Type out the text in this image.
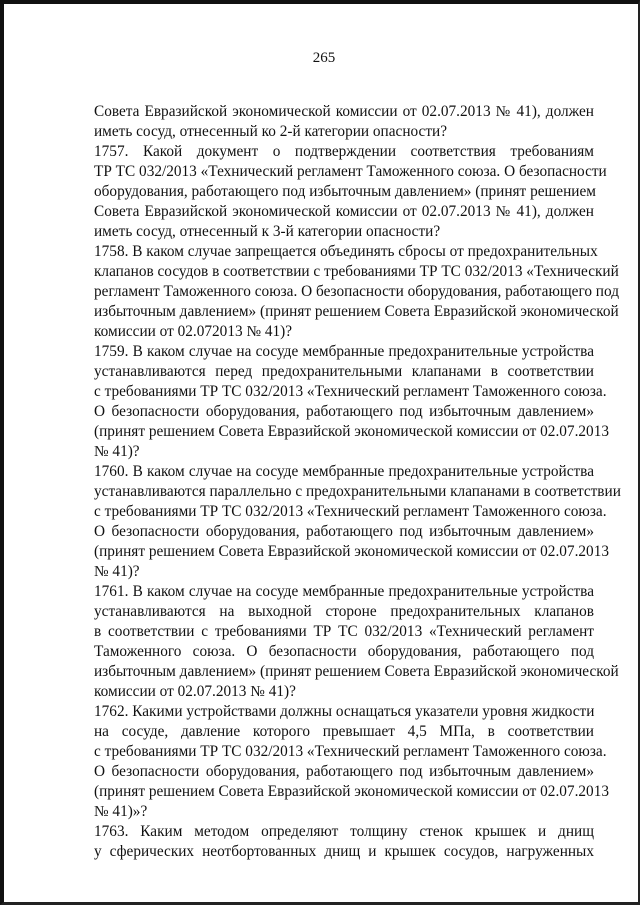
265
Совета Евразийской экономической комиссии от 02.07.2013 № 41), должен
иметь сосуд, отнесенный ко 2-й категории опасности?
1757. Какой документ о подтверждении соответствия требованиям
ТР ТС 032/2013 «Технический регламент Таможенного союза. О безопасности
оборудования, работающего под избыточным давлением» (принят решением
Совета Евразийской экономической комиссии от 02.07.2013 № 41), должен
иметь сосуд, отнесенный к 3-й категории опасности?
1758. В каком случае запрещается объединять сбросы от предохранительных
клапанов сосудов в соответствии с требованиями ТР ТС 032/2013 «Технический
регламент Таможенного союза. О безопасности оборудования, работающего под
избыточным давлением» (принят решением Совета Евразийской экономической
комиссии от 02.072013 № 41)?
1759. В каком случае на сосуде мембранные предохранительные устройства
устанавливаются перед предохранительными клапанами в соответствии
с требованиями ТР ТС 032/2013 «Технический регламент Таможенного союза.
О безопасности оборудования, работающего под избыточным давлением»
(принят решением Совета Евразийской экономической комиссии от 02.07.2013
№ 41)?
1760. В каком случае на сосуде мембранные предохранительные устройства
устанавливаются параллельно с предохранительными клапанами в соответствии
с требованиями ТР ТС 032/2013 «Технический регламент Таможенного союза.
О безопасности оборудования, работающего под избыточным давлением»
(принят решением Совета Евразийской экономической комиссии от 02.07.2013
№ 41)?
1761. В каком случае на сосуде мембранные предохранительные устройства
устанавливаются на выходной стороне предохранительных клапанов
в соответствии с требованиями ТР ТС 032/2013 «Технический регламент
Таможенного союза. О безопасности оборудования, работающего под
избыточным давлением» (принят решением Совета Евразийской экономической
комиссии от 02.07.2013 № 41)?
1762. Какими устройствами должны оснащаться указатели уровня жидкости
на сосуде, давление которого превышает 4,5 МПа, в соответствии
с требованиями ТР ТС 032/2013 «Технический регламент Таможенного союза.
О безопасности оборудования, работающего под избыточным давлением»
(принят решением Совета Евразийской экономической комиссии от 02.07.2013
№ 41)»?
1763. Каким методом определяют толщину стенок крышек и днищ
у сферических неотбортованных днищ и крышек сосудов, нагруженных
